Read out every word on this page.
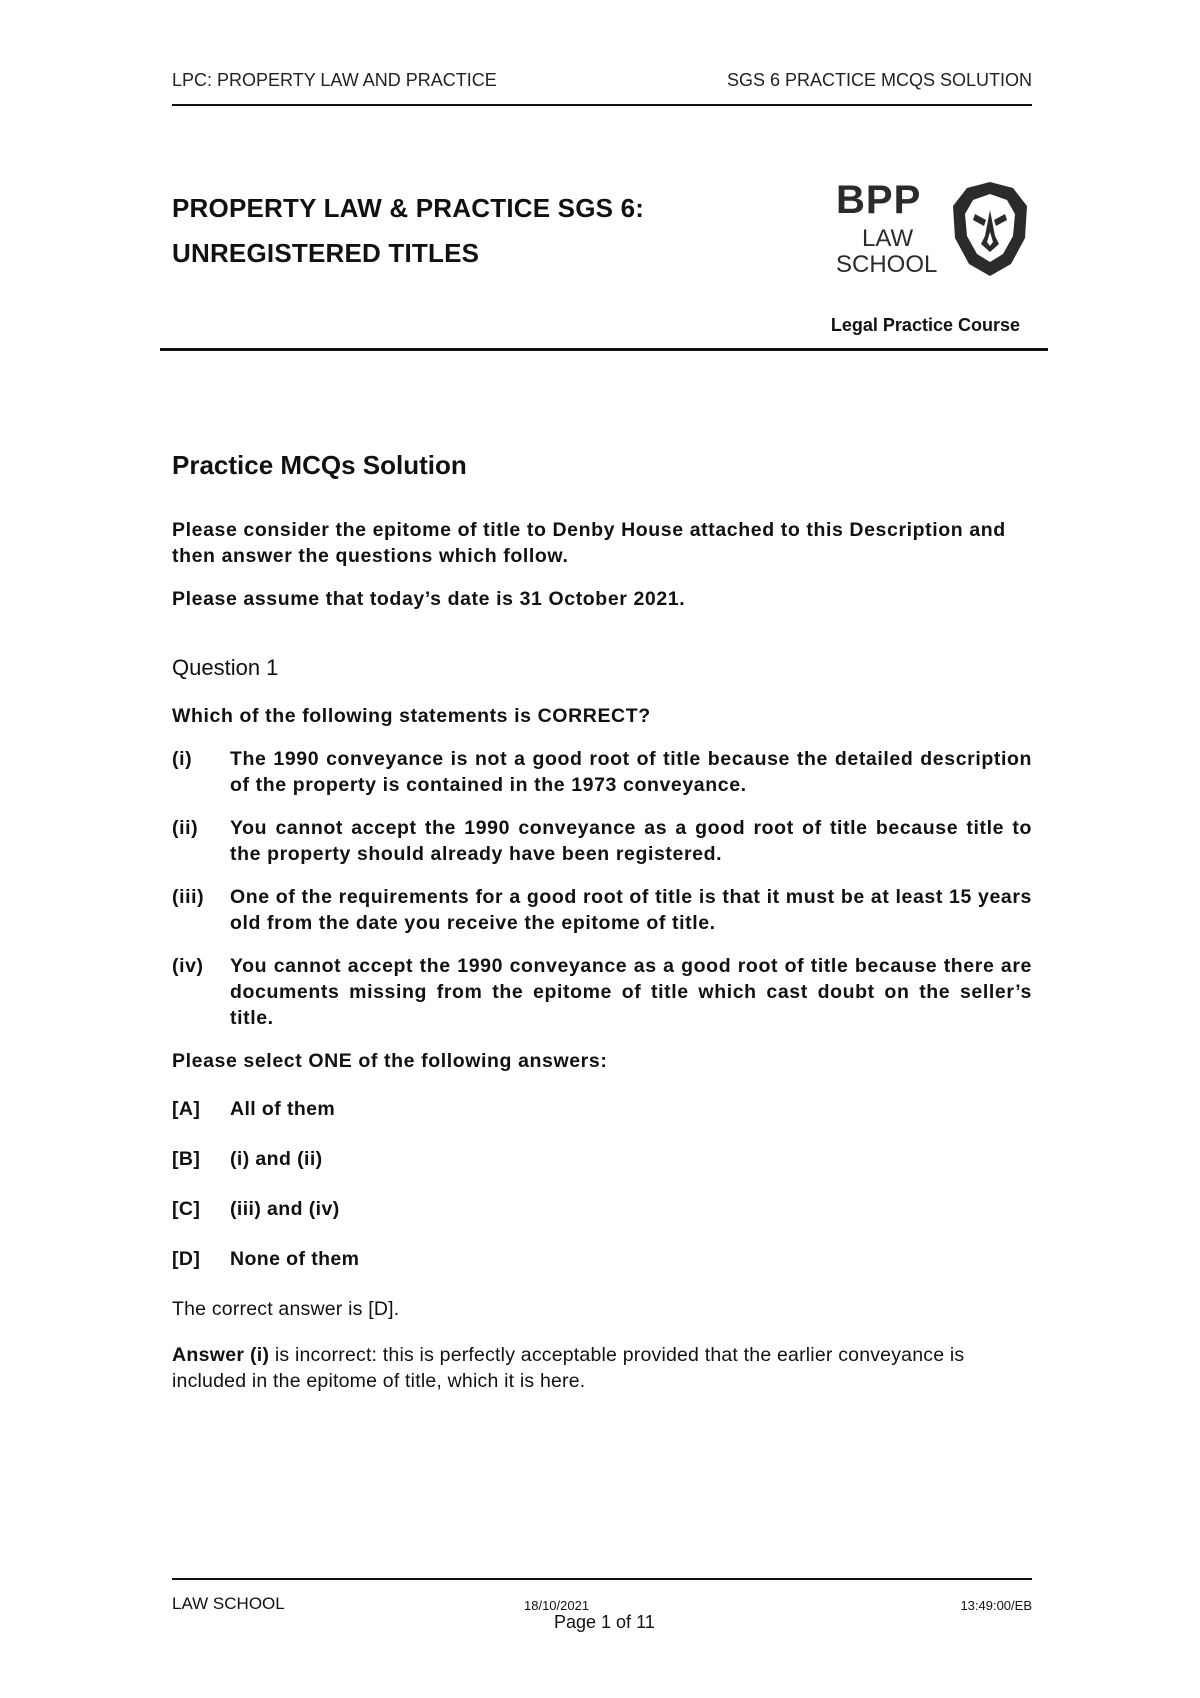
LPC: PROPERTY LAW AND PRACTICE	SGS 6 PRACTICE MCQS SOLUTION
PROPERTY LAW & PRACTICE SGS 6:
UNREGISTERED TITLES
BPP
LAW
SCHOOL
Legal Practice Course
Practice MCQs Solution
Please consider the epitome of title to Denby House attached to this Description and then answer the questions which follow.
Please assume that today’s date is 31 October 2021.
Question 1
Which of the following statements is CORRECT?
(i)	The 1990 conveyance is not a good root of title because the detailed description of the property is contained in the 1973 conveyance.
(ii)	You cannot accept the 1990 conveyance as a good root of title because title to the property should already have been registered.
(iii)	One of the requirements for a good root of title is that it must be at least 15 years old from the date you receive the epitome of title.
(iv)	You cannot accept the 1990 conveyance as a good root of title because there are documents missing from the epitome of title which cast doubt on the seller’s title.
Please select ONE of the following answers:
[A]	All of them
[B]	(i) and (ii)
[C]	(iii) and (iv)
[D]	None of them
The correct answer is [D].
Answer (i) is incorrect: this is perfectly acceptable provided that the earlier conveyance is included in the epitome of title, which it is here.
LAW SCHOOL	18/10/2021	13:49:00/EB
Page 1 of 11
